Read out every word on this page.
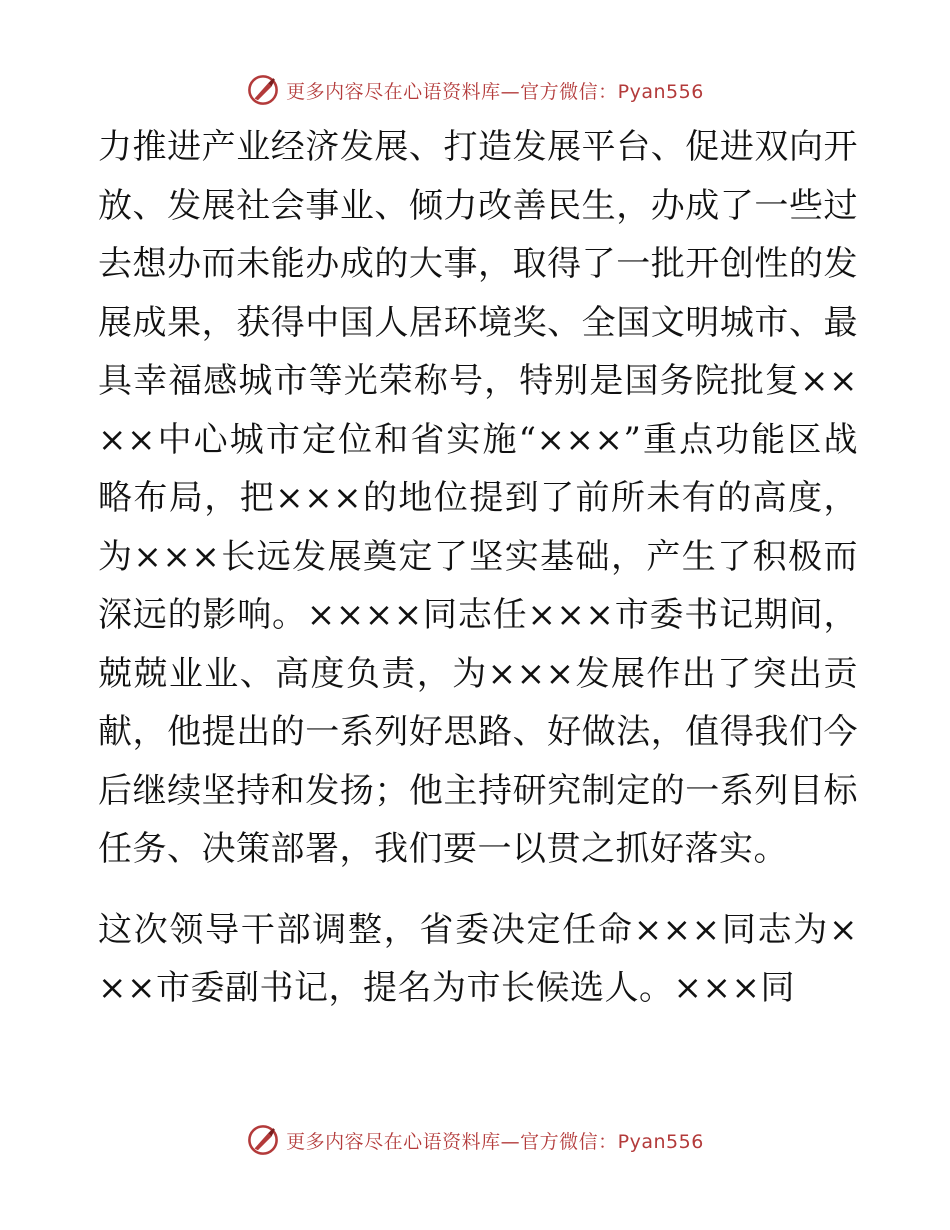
更多内容尽在心语资料库—官方微信：Pyan556

力推进产业经济发展、打造发展平台、促进双向开放、发展社会事业、倾力改善民生，办成了一些过去想办而未能办成的大事，取得了一批开创性的发展成果，获得中国人居环境奖、全国文明城市、最具幸福感城市等光荣称号，特别是国务院批复××××中心城市定位和省实施“×××”重点功能区战略布局，把×××的地位提到了前所未有的高度，为×××长远发展奠定了坚实基础，产生了积极而深远的影响。××××同志任×××市委书记期间，兢兢业业、高度负责，为×××发展作出了突出贡献，他提出的一系列好思路、好做法，值得我们今后继续坚持和发扬；他主持研究制定的一系列目标任务、决策部署，我们要一以贯之抓好落实。

这次领导干部调整，省委决定任命×××同志为×××市委副书记，提名为市长候选人。×××同

更多内容尽在心语资料库—官方微信：Pyan556
